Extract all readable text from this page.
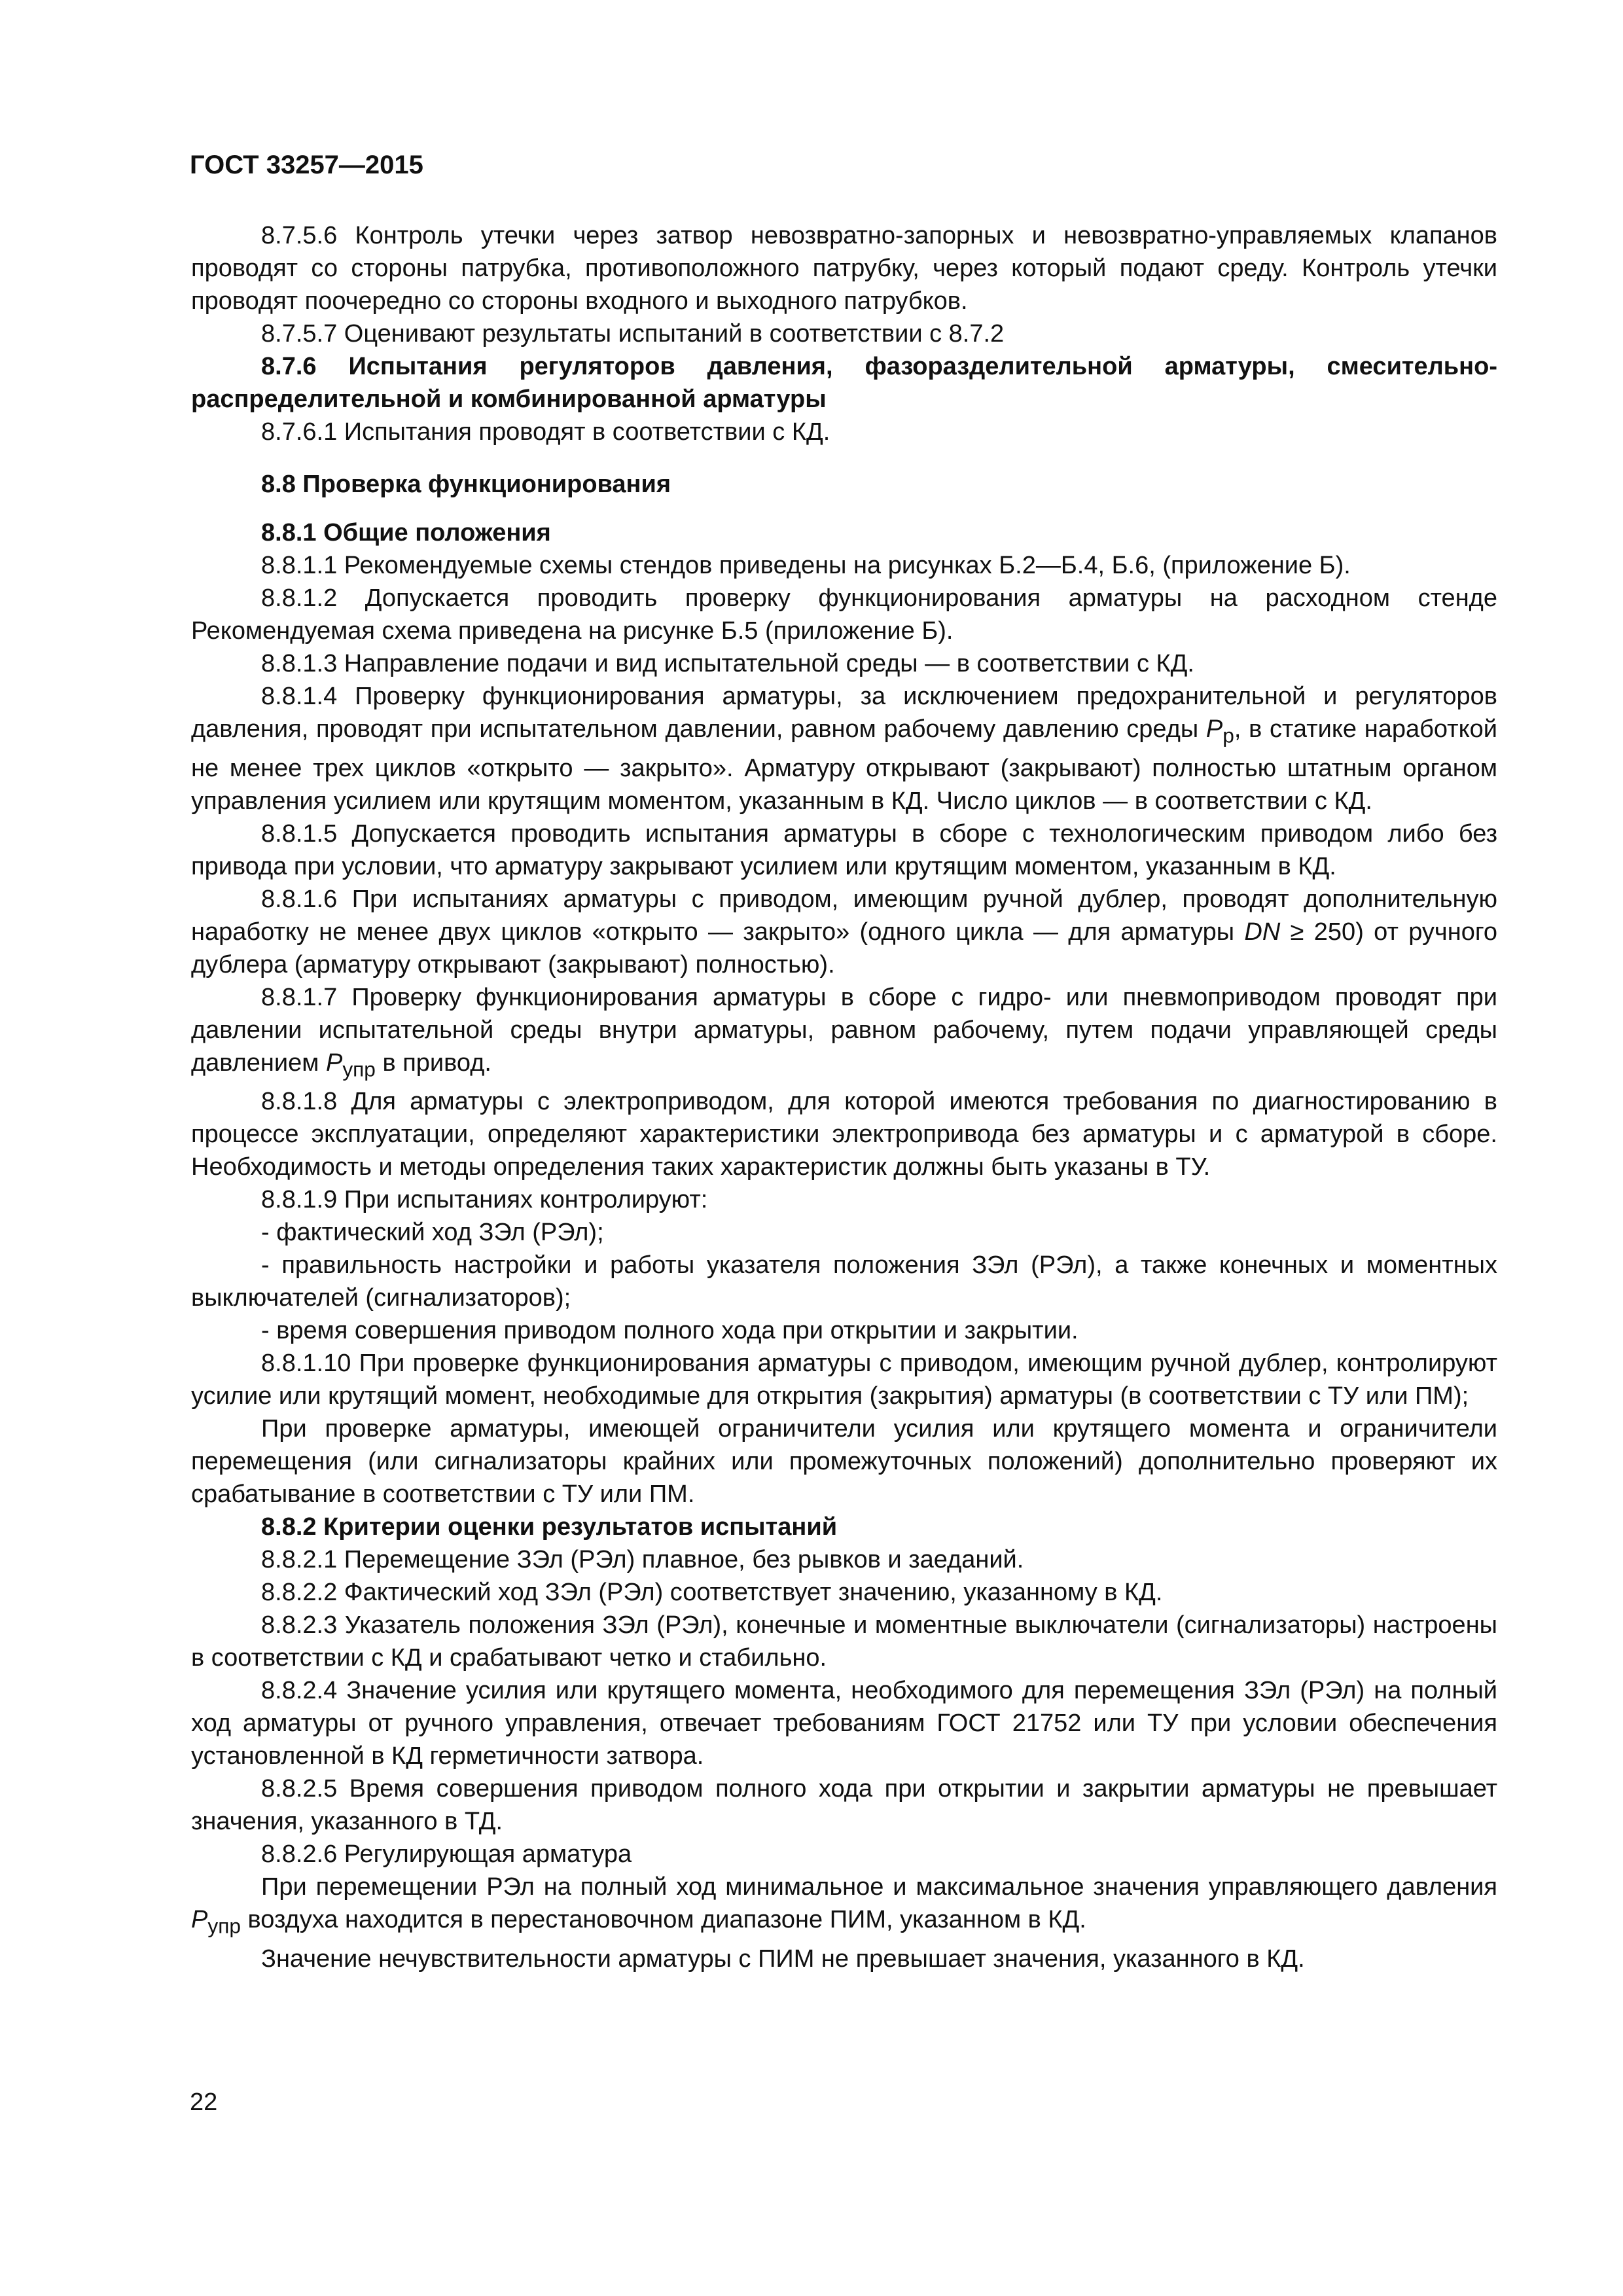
ГОСТ 33257—2015

8.7.5.6 Контроль утечки через затвор невозвратно-запорных и невозвратно-управляемых клапанов проводят со стороны патрубка, противоположного патрубку, через который подают среду. Контроль утечки проводят поочередно со стороны входного и выходного патрубков.

8.7.5.7 Оценивают результаты испытаний в соответствии с 8.7.2

8.7.6 Испытания регуляторов давления, фазоразделительной арматуры, смесительно-распределительной и комбинированной арматуры

8.7.6.1 Испытания проводят в соответствии с КД.

8.8 Проверка функционирования

8.8.1 Общие положения

8.8.1.1 Рекомендуемые схемы стендов приведены на рисунках Б.2—Б.4, Б.6, (приложение Б).

8.8.1.2 Допускается проводить проверку функционирования арматуры на расходном стенде Рекомендуемая схема приведена на рисунке Б.5 (приложение Б).

8.8.1.3 Направление подачи и вид испытательной среды — в соответствии с КД.

8.8.1.4 Проверку функционирования арматуры, за исключением предохранительной и регуляторов давления, проводят при испытательном давлении, равном рабочему давлению среды $P_р$, в статике наработкой не менее трех циклов «открыто — закрыто». Арматуру открывают (закрывают) полностью штатным органом управления усилием или крутящим моментом, указанным в КД. Число циклов — в соответствии с КД.

8.8.1.5 Допускается проводить испытания арматуры в сборе с технологическим приводом либо без привода при условии, что арматуру закрывают усилием или крутящим моментом, указанным в КД.

8.8.1.6 При испытаниях арматуры с приводом, имеющим ручной дублер, проводят дополнительную наработку не менее двух циклов «открыто — закрыто» (одного цикла — для арматуры DN ≥ 250) от ручного дублера (арматуру открывают (закрывают) полностью).

8.8.1.7 Проверку функционирования арматуры в сборе с гидро- или пневмоприводом проводят при давлении испытательной среды внутри арматуры, равном рабочему, путем подачи управляющей среды давлением $P_{упр}$ в привод.

8.8.1.8 Для арматуры с электроприводом, для которой имеются требования по диагностированию в процессе эксплуатации, определяют характеристики электропривода без арматуры и с арматурой в сборе. Необходимость и методы определения таких характеристик должны быть указаны в ТУ.

8.8.1.9 При испытаниях контролируют:

- фактический ход ЗЭл (РЭл);

- правильность настройки и работы указателя положения ЗЭл (РЭл), а также конечных и моментных выключателей (сигнализаторов);

- время совершения приводом полного хода при открытии и закрытии.

8.8.1.10 При проверке функционирования арматуры с приводом, имеющим ручной дублер, контролируют усилие или крутящий момент, необходимые для открытия (закрытия) арматуры (в соответствии с ТУ или ПМ);

При проверке арматуры, имеющей ограничители усилия или крутящего момента и ограничители перемещения (или сигнализаторы крайних или промежуточных положений) дополнительно проверяют их срабатывание в соответствии с ТУ или ПМ.

8.8.2 Критерии оценки результатов испытаний

8.8.2.1 Перемещение ЗЭл (РЭл) плавное, без рывков и заеданий.

8.8.2.2 Фактический ход ЗЭл (РЭл) соответствует значению, указанному в КД.

8.8.2.3 Указатель положения ЗЭл (РЭл), конечные и моментные выключатели (сигнализаторы) настроены в соответствии с КД и срабатывают четко и стабильно.

8.8.2.4 Значение усилия или крутящего момента, необходимого для перемещения ЗЭл (РЭл) на полный ход арматуры от ручного управления, отвечает требованиям ГОСТ 21752 или ТУ при условии обеспечения установленной в КД герметичности затвора.

8.8.2.5 Время совершения приводом полного хода при открытии и закрытии арматуры не превышает значения, указанного в ТД.

8.8.2.6 Регулирующая арматура

При перемещении РЭл на полный ход минимальное и максимальное значения управляющего давления $P_{упр}$ воздуха находится в перестановочном диапазоне ПИМ, указанном в КД.

Значение нечувствительности арматуры с ПИМ не превышает значения, указанного в КД.

22
